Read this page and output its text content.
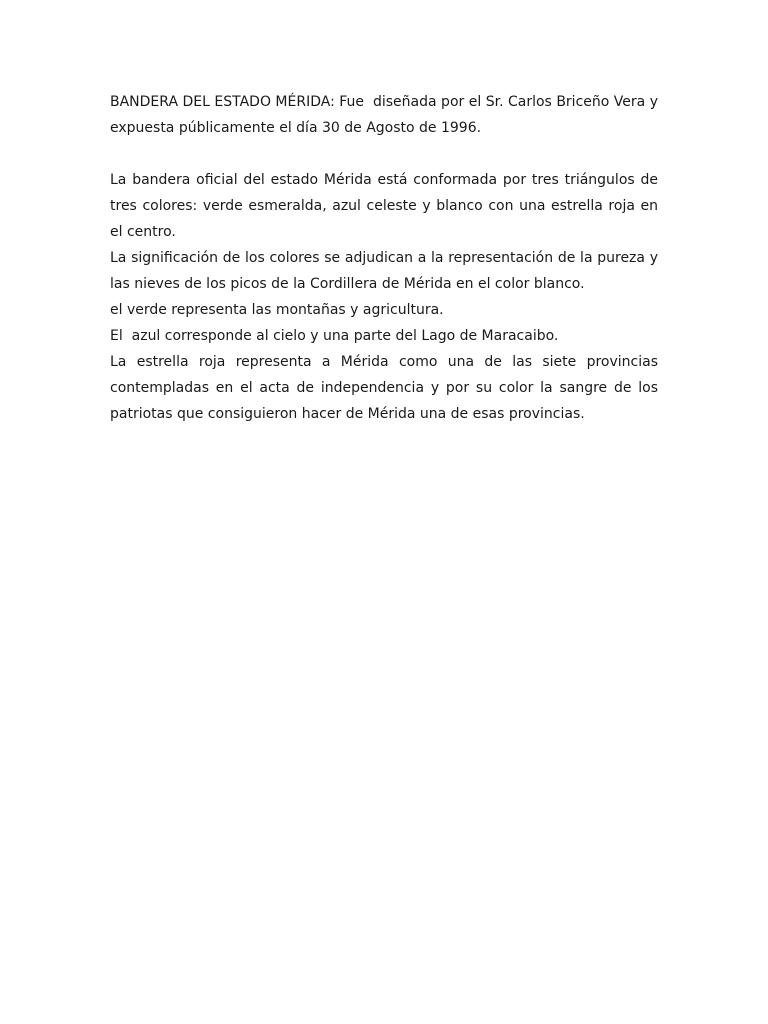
BANDERA DEL ESTADO MÉRIDA: Fue  diseñada por el Sr. Carlos Briceño Vera y expuesta públicamente el día 30 de Agosto de 1996.

La bandera oficial del estado Mérida está conformada por tres triángulos de tres colores: verde esmeralda, azul celeste y blanco con una estrella roja en el centro.

La significación de los colores se adjudican a la representación de la pureza y las nieves de los picos de la Cordillera de Mérida en el color blanco.

el verde representa las montañas y agricultura.

El  azul corresponde al cielo y una parte del Lago de Maracaibo.

La estrella roja representa a Mérida como una de las siete provincias contempladas en el acta de independencia y por su color la sangre de los patriotas que consiguieron hacer de Mérida una de esas provincias.
